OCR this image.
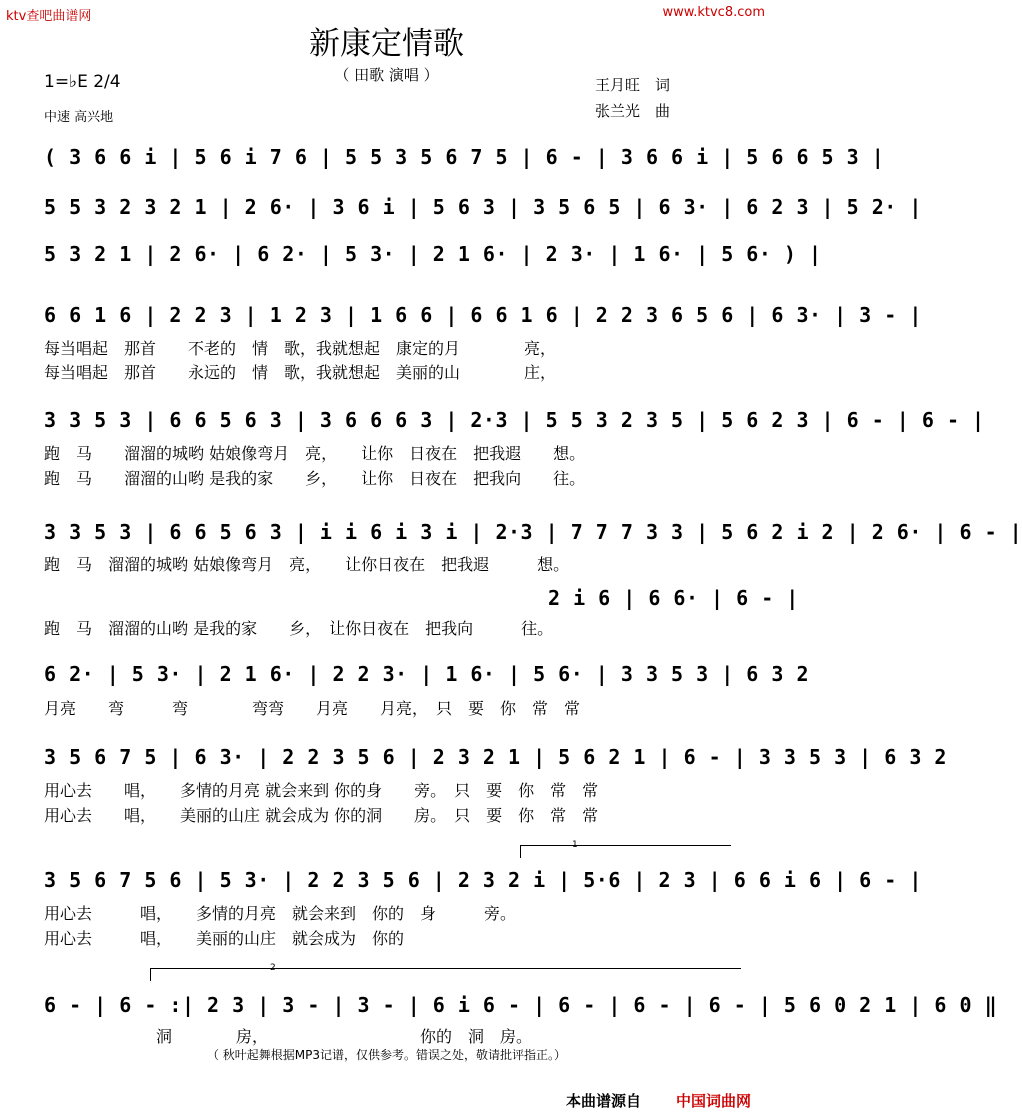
ktv查吧曲谱网	www.ktvc8.com
新康定情歌
（ 田歌 演唱 ）
1=♭E 2/4
中速 高兴地
王月旺　词
张兰光　曲
( 3 6 6 i | 5 6 i 7 6 | 5 5 3 5 6 7 5 | 6 - | 3 6 6 i | 5 6 6 5 3 |
5 5 3 2 3 2 1 | 2 6· | 3 6 i | 5 6 3 | 3 5 6 5 | 6 3· | 6 2 3 | 5 2· |
5 3 2 1 | 2 6· | 6 2· | 5 3· | 2 1 6· | 2 3· | 1 6· | 5 6· ) |
6 6 1 6 | 2 2 3 | 1 2 3 | 1 6 6 | 6 6 1 6 | 2 2 3 6 5 6 | 6 3· | 3 - |
每当唱起　那首　　不老的　情　歌，我就想起　康定的月　　　　亮，
每当唱起　那首　　永远的　情　歌，我就想起　美丽的山　　　　庄，
3 3 5 3 | 6 6 5 6 3 | 3 6 6 6 3 | 2·3 | 5 5 3 2 3 5 | 5 6 2 3 | 6 - | 6 - |
跑　马　　溜溜的城哟 姑娘像弯月　亮，　　让你　日夜在　把我遐　　想。
跑　马　　溜溜的山哟 是我的家　　乡，　　让你　日夜在　把我向　　往。
3 3 5 3 | 6 6 5 6 3 | i i 6 i 3 i | 2·3 | 7 7 7 3 3 | 5 6 2 i 2 | 2 6· | 6 - |
跑　马　溜溜的城哟 姑娘像弯月　亮，　　让你日夜在　把我遐　　　想。
2 i 6 | 6 6· | 6 - |
跑　马　溜溜的山哟 是我的家　　乡，　让你日夜在　把我向　　　往。
6 2· | 5 3· | 2 1 6· | 2 2 3· | 1 6· | 5 6· | 3 3 5 3 | 6 3 2
月亮　　弯　　　弯　　　　弯弯　　月亮　　月亮，　只　要　你　常　常
3 5 6 7 5 | 6 3· | 2 2 3 5 6 | 2 3 2 1 | 5 6 2 1 | 6 - | 3 3 5 3 | 6 3 2
用心去　　唱，　　多情的月亮 就会来到 你的身　　旁。　只　要　你　常　常
用心去　　唱，　　美丽的山庄 就会成为 你的洞　　房。　只　要　你　常　常
1
3 5 6 7 5 6 | 5 3· | 2 2 3 5 6 | 2 3 2 i | 5·6 | 2 3 | 6 6 i 6 | 6 - |
用心去　　　唱，　　多情的月亮　就会来到　你的　身　　　旁。
用心去　　　唱，　　美丽的山庄　就会成为　你的
2
6 - | 6 - :| 2 3 | 3 - | 3 - | 6 i 6 - | 6 - | 6 - | 6 - | 5 6 0 2 1 | 6 0 ‖
　　　　　　　洞　　　　房，　　　　　　　　　　你的　洞　房。
（ 秋叶起舞根据MP3记谱，仅供参考。错误之处，敬请批评指正。）
本曲谱源自 中国词曲网
